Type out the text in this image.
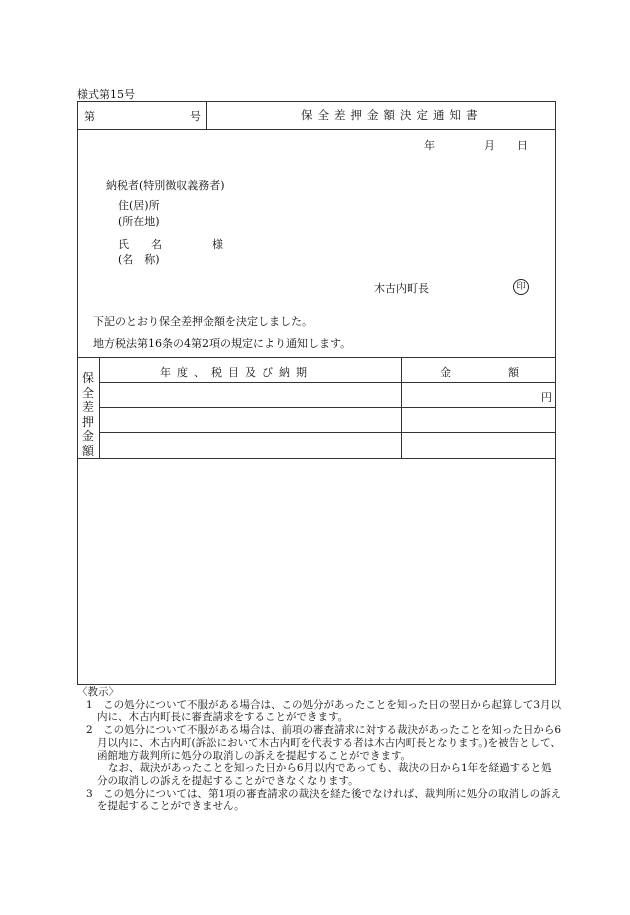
様式第15号
第	号	保全差押金額決定通知書
年	月 日
納税者(特別徴収義務者)
住(居)所
(所在地)
氏　　名	様
(名　称)
木古内町長	印
下記のとおり保全差押金額を決定しました。
地方税法第16条の4第2項の規定により通知します。
保
全
差
押
金
額
年度、税目及び納期	金	額
円

〈教示〉

1　この処分について不服がある場合は、この処分があったことを知った日の翌日から起算して3月以内に、木古内町長に審査請求をすることができます。

2　この処分について不服がある場合は、前項の審査請求に対する裁決があったことを知った日から6月以内に、木古内町(訴訟において木古内町を代表する者は木古内町長となります。)を被告として、函館地方裁判所に処分の取消しの訴えを提起することができます。

なお、裁決があったことを知った日から6月以内であっても、裁決の日から1年を経過すると処分の取消しの訴えを提起することができなくなります。

3　この処分については、第1項の審査請求の裁決を経た後でなければ、裁判所に処分の取消しの訴えを提起することができません。
